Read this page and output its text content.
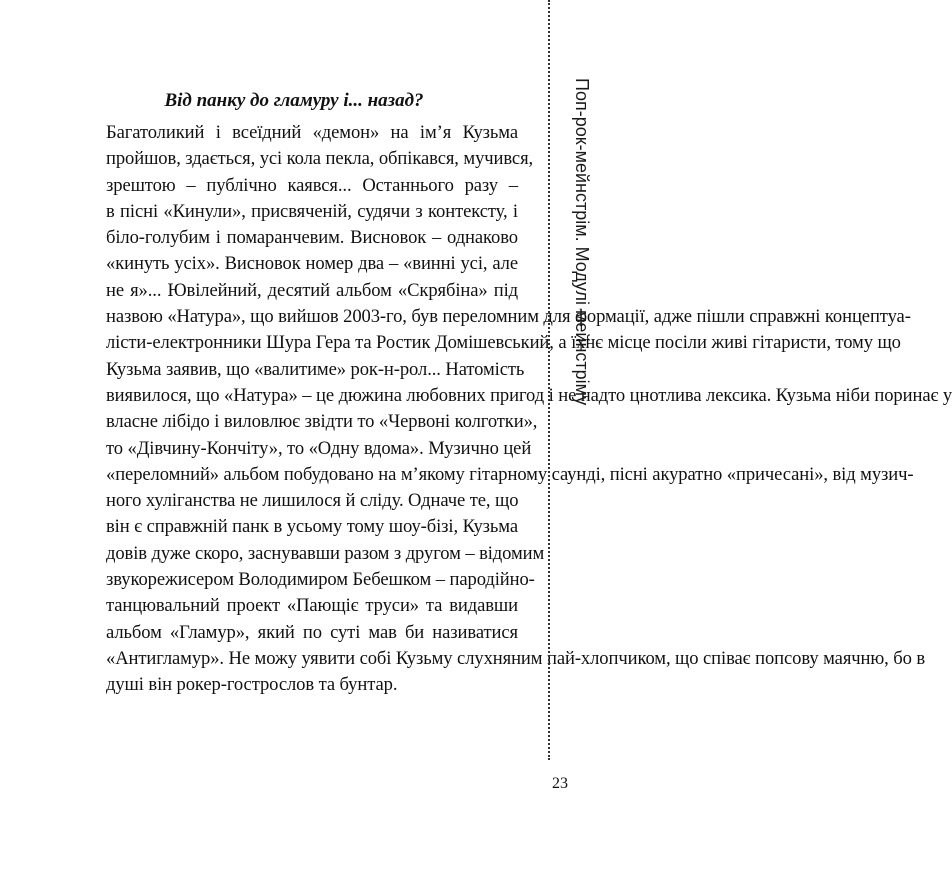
Від панку до гламуру і... назад?
Багатоликий і всеїдний «демон» на ім’я Кузьма
пройшов, здається, усі кола пекла, обпікався, мучився,
зрештою – публічно каявся... Останнього разу –
в пісні «Кинули», присвяченій, судячи з контексту, і
біло-голубим і помаранчевим. Висновок – однаково
«кинуть усіх». Висновок номер два – «винні усі, але
не я»... Ювілейний, десятий альбом «Скрябіна» під
назвою «Натура», що вийшов 2003-го, був переломним для формації, адже пішли справжні концептуа-
лісти-електронники Шура Гера та Ростик Домішевський, а їхнє місце посіли живі гітаристи, тому що
Кузьма заявив, що «валитиме» рок-н-рол... Натомість
виявилося, що «Натура» – це дюжина любовних пригод і не надто цнотлива лексика. Кузьма ніби поринає у
власне лібідо і виловлює звідти то «Червоні колготки»,
то «Дівчину-Кончіту», то «Одну вдома». Музично цей
«переломний» альбом побудовано на м’якому гітарному саунді, пісні акуратно «причесані», від музич-
ного хуліганства не лишилося й сліду. Одначе те, що
він є справжній панк в усьому тому шоу-бізі, Кузьма
довів дуже скоро, заснувавши разом з другом – відомим
звукорежисером Володимиром Бебешком – пародійно-
танцювальний проект «Пающіє труси» та видавши
альбом «Гламур», який по суті мав би називатися
«Антигламур». Не можу уявити собі Кузьму слухняним пай-хлопчиком, що співає попсову маячню, бо в
душі він рокер-гострослов та бунтар.
Поп-рок-мейнстрім. Модулі мейнстріму
23
